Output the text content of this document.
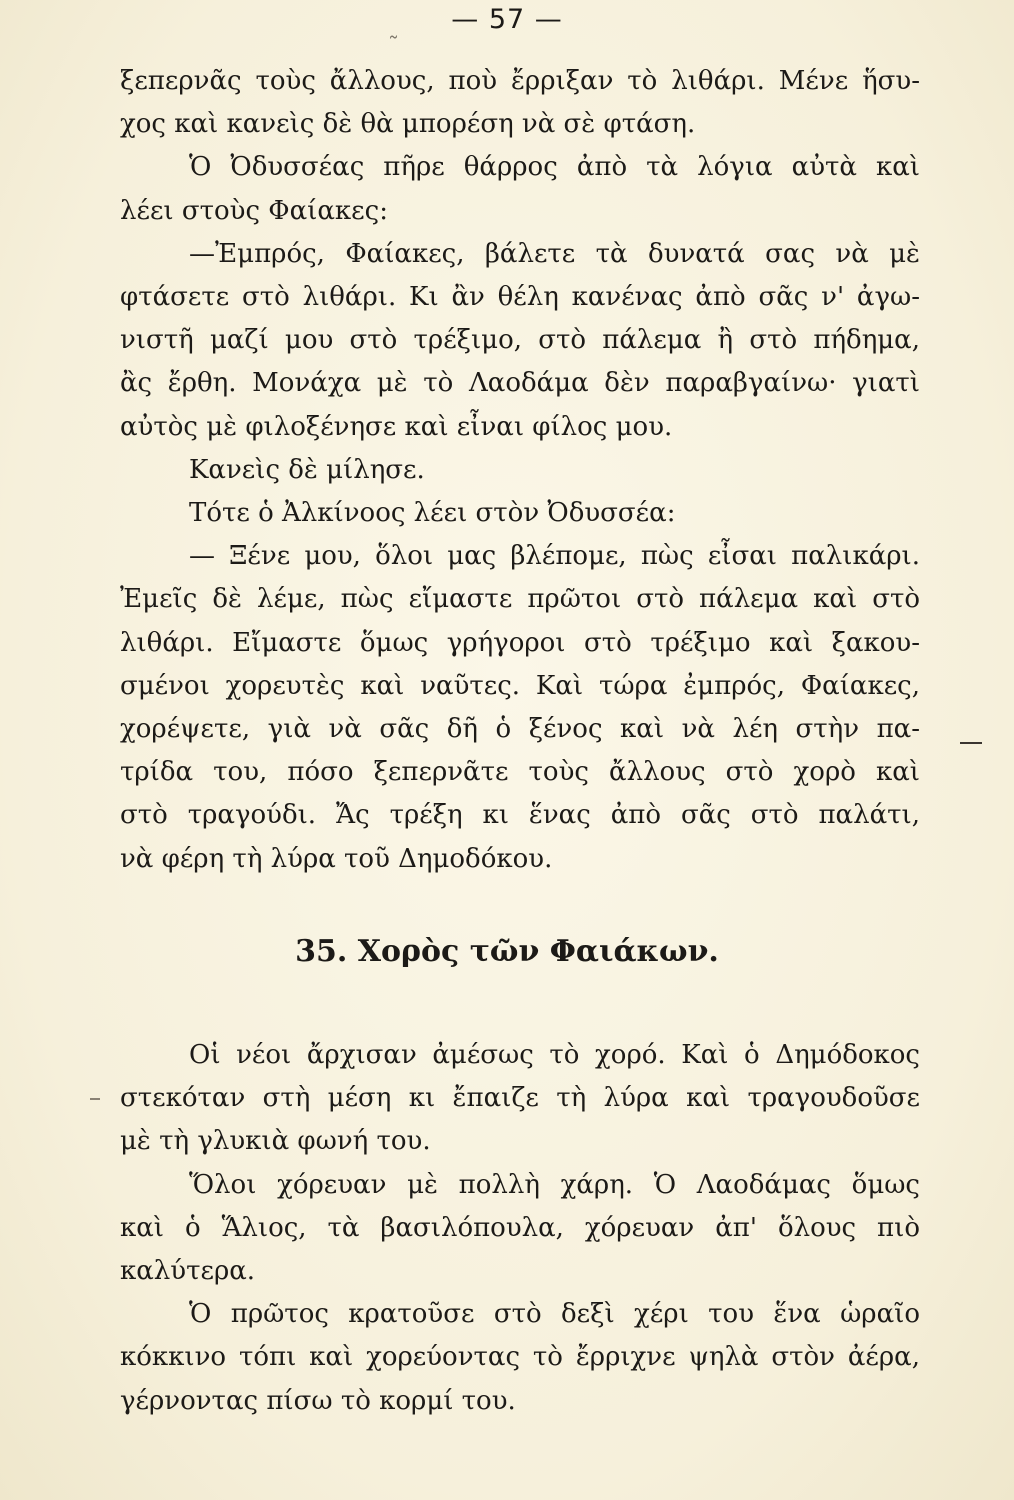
— 57 —
˜
ξεπερνᾶς τοὺς ἄλλους, ποὺ ἔρριξαν τὸ λιθάρι. Μένε ἥσυ-
χος καὶ κανεὶς δὲ θὰ μπορέση νὰ σὲ φτάση.
Ὁ Ὀδυσσέας πῆρε θάρρος ἀπὸ τὰ λόγια αὐτὰ καὶ
λέει στοὺς Φαίακες:
—Ἐμπρός, Φαίακες, βάλετε τὰ δυνατά σας νὰ μὲ
φτάσετε στὸ λιθάρι. Κι ἂν θέλη κανένας ἀπὸ σᾶς ν' ἀγω-
νιστῆ μαζί μου στὸ τρέξιμο, στὸ πάλεμα ἢ στὸ πήδημα,
ἂς ἔρθη. Μονάχα μὲ τὸ Λαοδάμα δὲν παραβγαίνω· γιατὶ
αὐτὸς μὲ φιλοξένησε καὶ εἶναι φίλος μου.
Κανεὶς δὲ μίλησε.
Τότε ὁ Ἀλκίνοος λέει στὸν Ὀδυσσέα:
— Ξένε μου, ὅλοι μας βλέπομε, πὼς εἶσαι παλικάρι.
Ἐμεῖς δὲ λέμε, πὼς εἴμαστε πρῶτοι στὸ πάλεμα καὶ στὸ
λιθάρι. Εἴμαστε ὅμως γρήγοροι στὸ τρέξιμο καὶ ξακου-
σμένοι χορευτὲς καὶ ναῦτες. Καὶ τώρα ἐμπρός, Φαίακες,
χορέψετε, γιὰ νὰ σᾶς δῆ ὁ ξένος καὶ νὰ λέη στὴν πα-
τρίδα του, πόσο ξεπερνᾶτε τοὺς ἄλλους στὸ χορὸ καὶ
στὸ τραγούδι. Ἄς τρέξη κι ἕνας ἀπὸ σᾶς στὸ παλάτι,
νὰ φέρη τὴ λύρα τοῦ Δημοδόκου.
35. Χορὸς τῶν Φαιάκων.
Οἱ νέοι ἄρχισαν ἀμέσως τὸ χορό. Καὶ ὁ Δημόδοκος
στεκόταν στὴ μέση κι ἔπαιζε τὴ λύρα καὶ τραγουδοῦσε
μὲ τὴ γλυκιὰ φωνή του.
Ὅλοι χόρευαν μὲ πολλὴ χάρη. Ὁ Λαοδάμας ὅμως
καὶ ὁ Ἅλιος, τὰ βασιλόπουλα, χόρευαν ἀπ' ὅλους πιὸ
καλύτερα.
Ὁ πρῶτος κρατοῦσε στὸ δεξὶ χέρι του ἕνα ὡραῖο
κόκκινο τόπι καὶ χορεύοντας τὸ ἔρριχνε ψηλὰ στὸν ἀέρα,
γέρνοντας πίσω τὸ κορμί του.
